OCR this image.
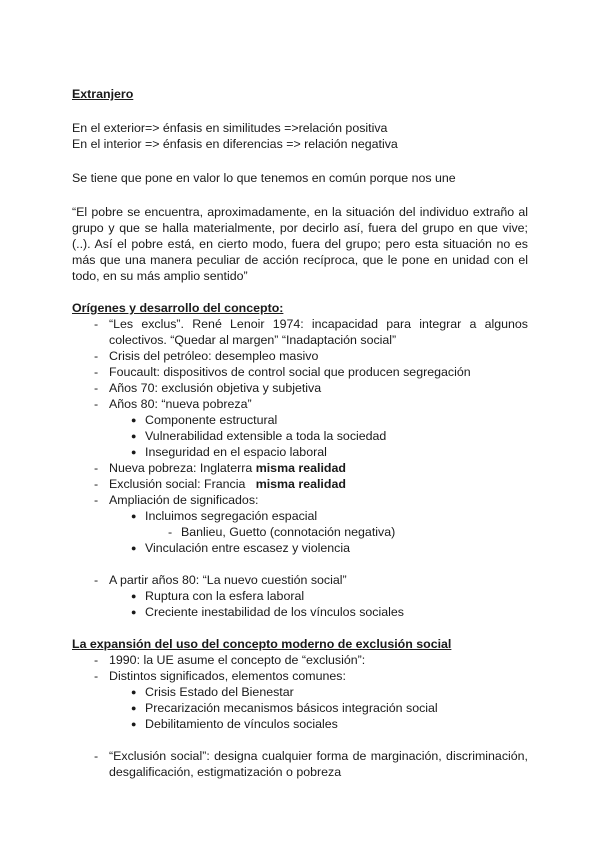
Extranjero
En el exterior=> énfasis en similitudes =>relación positiva
En el interior => énfasis en diferencias => relación negativa
Se tiene que pone en valor lo que tenemos en común porque nos une
“El pobre se encuentra, aproximadamente, en la situación del individuo extraño al grupo y que se halla materialmente, por decirlo así, fuera del grupo en que vive; (..). Así el pobre está, en cierto modo, fuera del grupo; pero esta situación no es más que una manera peculiar de acción recíproca, que le pone en unidad con el todo, en su más amplio sentido”
Orígenes y desarrollo del concepto:
- “Les exclus”. René Lenoir 1974: incapacidad para integrar a algunos colectivos. “Quedar al margen” “Inadaptación social”
- Crisis del petróleo: desempleo masivo
- Foucault: dispositivos de control social que producen segregación
- Años 70: exclusión objetiva y subjetiva
- Años 80: “nueva pobreza”
● Componente estructural
● Vulnerabilidad extensible a toda la sociedad
● Inseguridad en el espacio laboral
- Nueva pobreza: Inglaterra misma realidad
- Exclusión social: Francia   misma realidad
- Ampliación de significados:
● Incluimos segregación espacial
- Banlieu, Guetto (connotación negativa)
● Vinculación entre escasez y violencia
- A partir años 80: “La nuevo cuestión social”
● Ruptura con la esfera laboral
● Creciente inestabilidad de los vínculos sociales
La expansión del uso del concepto moderno de exclusión social
- 1990: la UE asume el concepto de “exclusión”:
- Distintos significados, elementos comunes:
● Crisis Estado del Bienestar
● Precarización mecanismos básicos integración social
● Debilitamiento de vínculos sociales
- “Exclusión social”: designa cualquier forma de marginación, discriminación, desgalificación, estigmatización o pobreza
